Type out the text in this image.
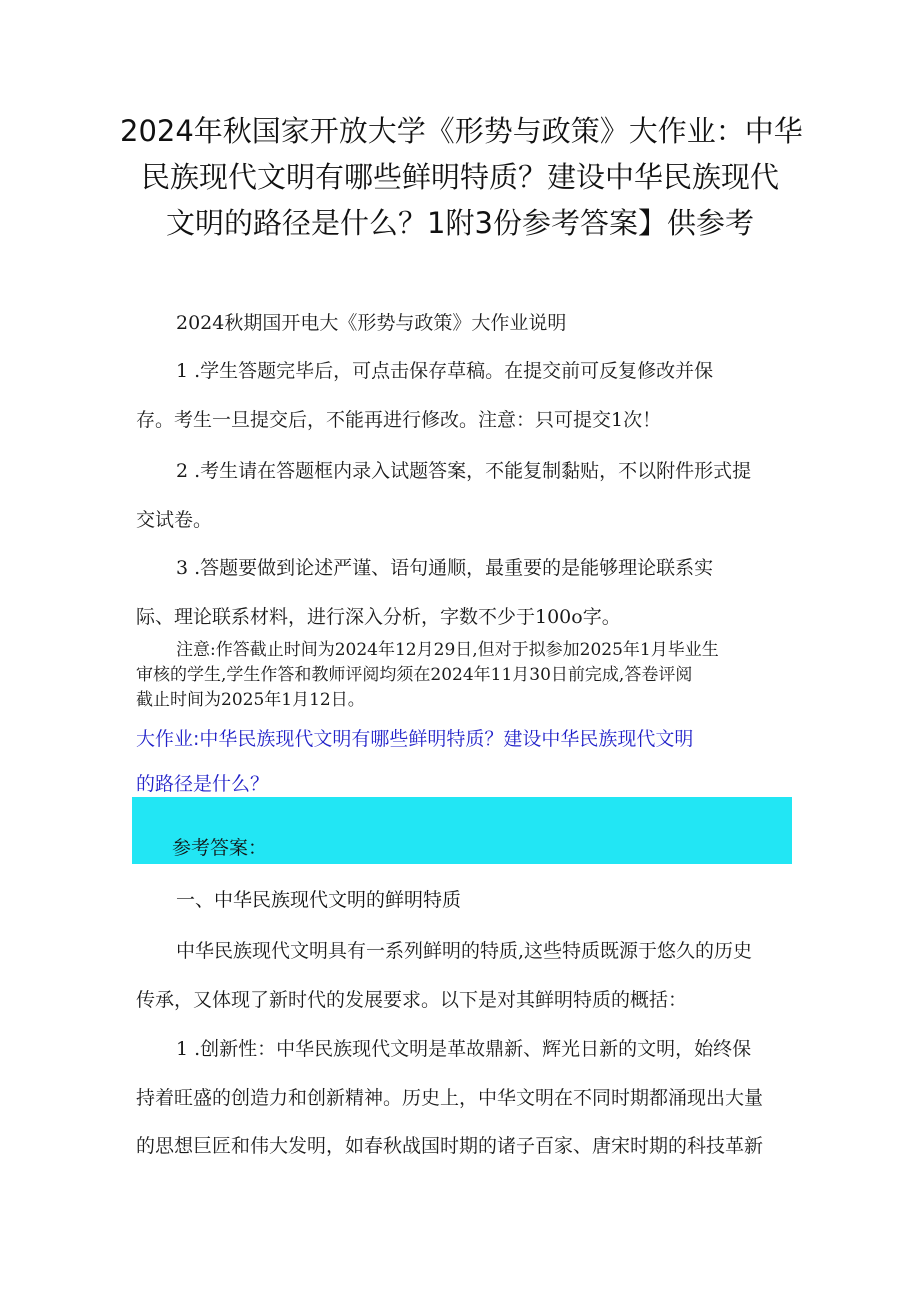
2024年秋国家开放大学《形势与政策》大作业：中华
民族现代文明有哪些鲜明特质？建设中华民族现代
文明的路径是什么？1附3份参考答案】供参考
2024秋期国开电大《形势与政策》大作业说明
1 .学生答题完毕后，可点击保存草稿。在提交前可反复修改并保
存。考生一旦提交后，不能再进行修改。注意：只可提交1次！
2 .考生请在答题框内录入试题答案，不能复制黏贴，不以附件形式提
交试卷。
3 .答题要做到论述严谨、语句通顺，最重要的是能够理论联系实
际、理论联系材料，进行深入分析，字数不少于100o字。
注意:作答截止时间为2024年12月29日,但对于拟参加2025年1月毕业生
审核的学生,学生作答和教师评阅均须在2024年11月30日前完成,答卷评阅
截止时间为2025年1月12日。
大作业:中华民族现代文明有哪些鲜明特质？建设中华民族现代文明
的路径是什么？
参考答案：
一、中华民族现代文明的鲜明特质
中华民族现代文明具有一系列鲜明的特质,这些特质既源于悠久的历史
传承，又体现了新时代的发展要求。以下是对其鲜明特质的概括：
1 .创新性：中华民族现代文明是革故鼎新、辉光日新的文明，始终保
持着旺盛的创造力和创新精神。历史上，中华文明在不同时期都涌现出大量
的思想巨匠和伟大发明，如春秋战国时期的诸子百家、唐宋时期的科技革新
